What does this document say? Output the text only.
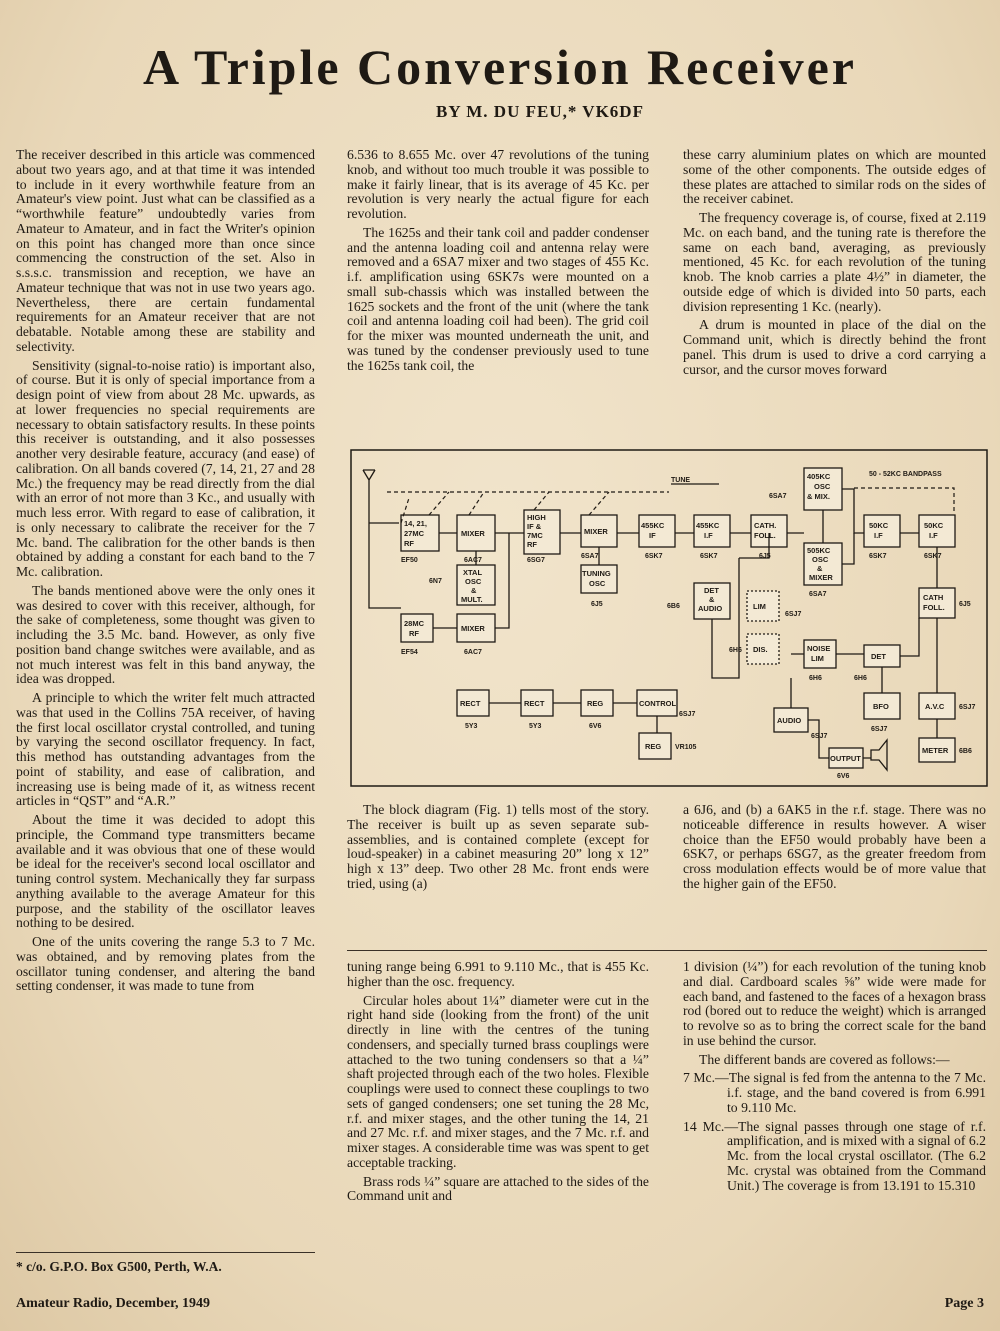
A Triple Conversion Receiver
BY M. DU FEU,* VK6DF

The receiver described in this article was commenced about two years ago, and at that time it was intended to include in it every worthwhile feature from an Amateur's view point. Just what can be classified as a “worthwhile feature” undoubtedly varies from Amateur to Amateur, and in fact the Writer's opinion on this point has changed more than once since commencing the construction of the set. Also in s.s.s.c. transmission and reception, we have an Amateur technique that was not in use two years ago. Nevertheless, there are certain fundamental requirements for an Amateur receiver that are not debatable. Notable among these are stability and selectivity.

Sensitivity (signal-to-noise ratio) is important also, of course. But it is only of special importance from a design point of view from about 28 Mc. upwards, as at lower frequencies no special requirements are necessary to obtain satisfactory results. In these points this receiver is outstanding, and it also possesses another very desirable feature, accuracy (and ease) of calibration. On all bands covered (7, 14, 21, 27 and 28 Mc.) the frequency may be read directly from the dial with an error of not more than 3 Kc., and usually with much less error. With regard to ease of calibration, it is only necessary to calibrate the receiver for the 7 Mc. band. The calibration for the other bands is then obtained by adding a constant for each band to the 7 Mc. calibration.

The bands mentioned above were the only ones it was desired to cover with this receiver, although, for the sake of completeness, some thought was given to including the 3.5 Mc. band. However, as only five position band change switches were available, and as not much interest was felt in this band anyway, the idea was dropped.

A principle to which the writer felt much attracted was that used in the Collins 75A receiver, of having the first local oscillator crystal controlled, and tuning by varying the second oscillator frequency. In fact, this method has outstanding advantages from the point of stability, and ease of calibration, and increasing use is being made of it, as witness recent articles in “QST” and “A.R.”

About the time it was decided to adopt this principle, the Command type transmitters became available and it was obvious that one of these would be ideal for the receiver's second local oscillator and tuning control system. Mechanically they far surpass anything available to the average Amateur for this purpose, and the stability of the oscillator leaves nothing to be desired.

One of the units covering the range 5.3 to 7 Mc. was obtained, and by removing plates from the oscillator tuning condenser, and altering the band setting condenser, it was made to tune from

6.536 to 8.655 Mc. over 47 revolutions of the tuning knob, and without too much trouble it was possible to make it fairly linear, that is its average of 45 Kc. per revolution is very nearly the actual figure for each revolution.

The 1625s and their tank coil and padder condenser and the antenna loading coil and antenna relay were removed and a 6SA7 mixer and two stages of 455 Kc. i.f. amplification using 6SK7s were mounted on a small sub-chassis which was installed between the 1625 sockets and the front of the unit (where the tank coil and antenna loading coil had been). The grid coil for the mixer was mounted underneath the unit, and was tuned by the condenser previously used to tune the 1625s tank coil, the

these carry aluminium plates on which are mounted some of the other components. The outside edges of these plates are attached to similar rods on the sides of the receiver cabinet.

The frequency coverage is, of course, fixed at 2.119 Mc. on each band, and the tuning rate is therefore the same on each band, averaging, as previously mentioned, 45 Kc. for each revolution of the tuning knob. The knob carries a plate 4½” in diameter, the outside edge of which is divided into 50 parts, each division representing 1 Kc. (nearly).

A drum is mounted in place of the dial on the Command unit, which is directly behind the front panel. This drum is used to drive a cord carrying a cursor, and the cursor moves forward

TUNE
50 - 52KC BANDPASS
14, 21,
27MC
RF
EF50
MIXER
6AC7
HIGH
IF &
7MC
RF
6SG7
MIXER
6SA7
455KC
IF
6SK7
455KC
I.F
6SK7
CATH.
FOLL.
6J5
6SA7
405KC
OSC
& MIX.
505KC
OSC
&
MIXER
6SA7
50KC
I.F
6SK7
50KC
I.F
6SK7
XTAL
OSC
&
MULT.
6N7
TUNING
OSC
6J5
DET
&
AUDIO
6B6	LIM
6SJ7
CATH
FOLL. 6J5
28MC
RF
EF54
MIXER
6AC7	DIS.
6H6	NOISE
LIM
6H6
DET
6H6
RECT
5Y3
RECT
5Y3
REG
6V6
CONTROL
6SJ7
REG VR105
AUDIO
6SJ7
OUTPUT
6V6
BFO
6SJ7
A.V.C 6SJ7
METER 6B6

The block diagram (Fig. 1) tells most of the story. The receiver is built up as seven separate sub-assemblies, and is contained complete (except for loud-speaker) in a cabinet measuring 20” long x 12” high x 13” deep. Two other 28 Mc. front ends were tried, using (a)

a 6J6, and (b) a 6AK5 in the r.f. stage. There was no noticeable difference in results however. A wiser choice than the EF50 would probably have been a 6SK7, or perhaps 6SG7, as the greater freedom from cross modulation effects would be of more value that the higher gain of the EF50.

tuning range being 6.991 to 9.110 Mc., that is 455 Kc. higher than the osc. frequency.

Circular holes about 1¼” diameter were cut in the right hand side (looking from the front) of the unit directly in line with the centres of the tuning condensers, and specially turned brass couplings were attached to the two tuning condensers so that a ¼” shaft projected through each of the two holes. Flexible couplings were used to connect these couplings to two sets of ganged condensers; one set tuning the 28 Mc, r.f. and mixer stages, and the other tuning the 14, 21 and 27 Mc. r.f. and mixer stages, and the 7 Mc. r.f. and mixer stages. A considerable time was was spent to get acceptable tracking.

Brass rods ¼” square are attached to the sides of the Command unit and

1 division (¼”) for each revolution of the tuning knob and dial. Cardboard scales ⅝” wide were made for each band, and fastened to the faces of a hexagon brass rod (bored out to reduce the weight) which is arranged to revolve so as to bring the correct scale for the band in use behind the cursor.

The different bands are covered as follows:—

7 Mc.—The signal is fed from the antenna to the 7 Mc. i.f. stage, and the band covered is from 6.991 to 9.110 Mc.
14 Mc.—The signal passes through one stage of r.f. amplification, and is mixed with a signal of 6.2 Mc. from the local crystal oscillator. (The 6.2 Mc. crystal was obtained from the Command Unit.) The coverage is from 13.191 to 15.310
* c/o. G.P.O. Box G500, Perth, W.A.
Amateur Radio, December, 1949	Page 3
